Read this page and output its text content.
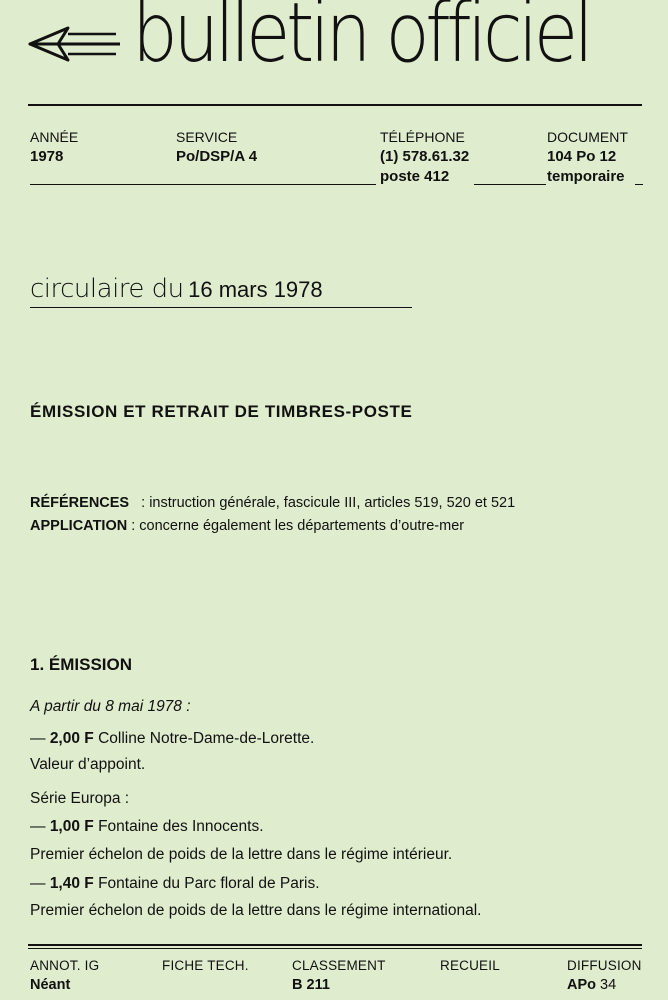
bulletin officiel
ANNÉE
1978
SERVICE
Po/DSP/A 4
TÉLÉPHONE
(1) 578.61.32
poste 412
DOCUMENT
104 Po 12
temporaire
circulaire du 16 mars 1978
ÉMISSION ET RETRAIT DE TIMBRES-POSTE
RÉFÉRENCES : instruction générale, fascicule III, articles 519, 520 et 521
APPLICATION : concerne également les départements d’outre-mer
1. ÉMISSION
A partir du 8 mai 1978 :
— 2,00 F Colline Notre-Dame-de-Lorette.
Valeur d’appoint.
Série Europa :
— 1,00 F Fontaine des Innocents.
Premier échelon de poids de la lettre dans le régime intérieur.
— 1,40 F Fontaine du Parc floral de Paris.
Premier échelon de poids de la lettre dans le régime international.
ANNOT. IG
Néant
FICHE TECH.	CLASSEMENT
B 211
RECUEIL	DIFFUSION
APo 34
